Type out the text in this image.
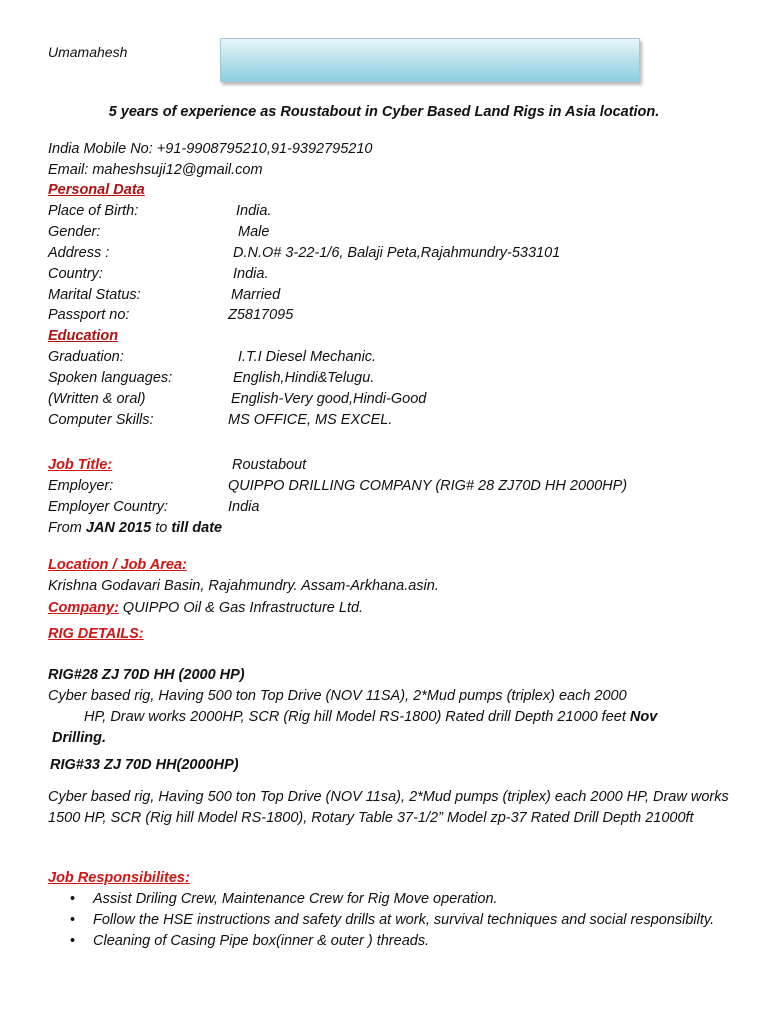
Umamahesh
5 years of experience as Roustabout in Cyber Based Land Rigs in Asia location.
India Mobile No: +91-9908795210,91-9392795210
Email: maheshsuji12@gmail.com
Personal Data
Place of Birth:	India.
Gender:	Male
Address :	D.N.O# 3-22-1/6, Balaji Peta,Rajahmundry-533101
Country:	India.
Marital Status:	Married
Passport no:	Z5817095
Education
Graduation:	I.T.I Diesel Mechanic.
Spoken languages:	English,Hindi&Telugu.
(Written & oral)	English-Very good,Hindi-Good
Computer Skills:	MS OFFICE, MS EXCEL.
Job Title:	Roustabout
Employer:	QUIPPO DRILLING COMPANY (RIG# 28 ZJ70D HH 2000HP)
Employer Country:	India
From JAN 2015 to till date
Location / Job Area:
Krishna Godavari Basin, Rajahmundry. Assam-Arkhana.asin.
Company: QUIPPO Oil & Gas Infrastructure Ltd.
RIG DETAILS:
RIG#28 ZJ 70D HH (2000 HP)
Cyber based rig, Having 500 ton Top Drive (NOV 11SA), 2*Mud pumps (triplex) each 2000
HP, Draw works 2000HP, SCR (Rig hill Model RS-1800) Rated drill Depth 21000 feet Nov
Drilling.
RIG#33 ZJ 70D HH(2000HP)
Cyber based rig, Having 500 ton Top Drive (NOV 11sa), 2*Mud pumps (triplex) each 2000 HP, Draw works 1500 HP, SCR (Rig hill Model RS-1800), Rotary Table 37-1/2” Model zp-37 Rated Drill Depth 21000ft
Job Responsibilites:
• Assist Driling Crew, Maintenance Crew for Rig Move operation.
• Follow the HSE instructions and safety drills at work, survival techniques and social responsibilty.
• Cleaning of Casing Pipe box(inner & outer ) threads.
